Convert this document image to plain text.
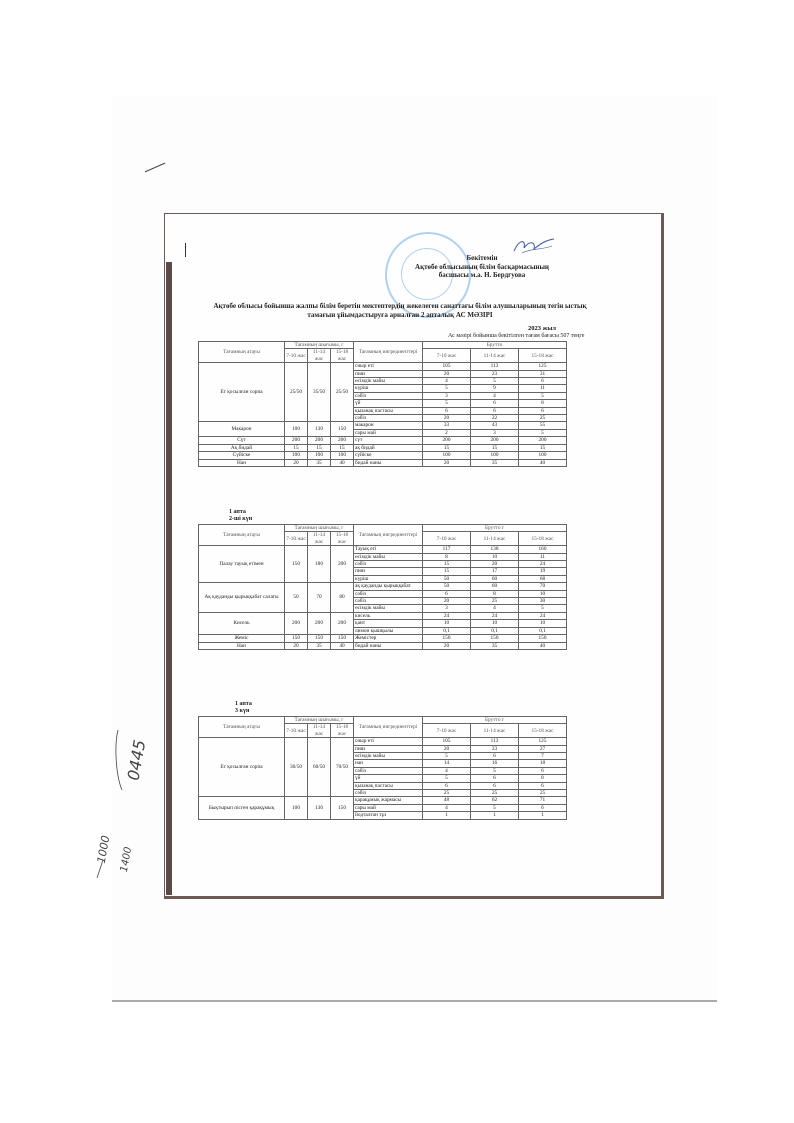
Бекітемін
Ақтөбе облысының білім басқармасының
басшысы м.а. Н. Бердгуова
Ақтөбе облысы бойынша жалпы білім беретін мектептердің жекелеген санаттағы білім алушыларының тегін ыстық тамағын ұйымдастыруға арналған 2 апталық АС МӘЗІРІ
2023 жыл
Ас мәзірі бойынша бекітілген тағам бағасы 507 теңге
Тағамның атауы	Тағамның шығымы, г			Тағамның ингредиенттері	Брутто		
	7-10 жас	11-14 жас	15-18 жас		7-10 жас	11-14 жас	15-18 жас
Ет қосылған сорпа	25/50	35/50	25/50	сиыр еті	105	113	125
				пияз	20	23	31
				өсімдік майы	4	5	6
				күріш	5	9	11
				сәбіз	3	4	5
				үй	5	6	8
				қызанақ пастасы	6	6	6
				сәбіз	20	22	25
Макарон	100	130	150	макарон	33	43	55
				сары май	2	3	5
Сүт	200	200	200	сүт	200	200	200
Ақ бидай	15	15	15	ақ бидай	15	15	15
Сүйіске	100	100	100	сүйіске	100	100	100
Нан	20	35	40	бидай наны	20	35	40
1 апта
2-ші күн
Тағамның атауы	Тағамның шығымы, г			Тағамның ингредиенттері	Брутто г		
	7-10 жас	11-14 жас	15-18 жас		7-10 жас	11-14 жас	15-18 жас
Палау тауық етімен	150	180	200	Тауық еті	117	138	160
				өсімдік майы	8	10	11
				сәбіз	15	20	24
				пияз	15	17	19
				күріш	50	60	68
Ақ қауданды қырыққабат салаты	50	70	80	ақ қауданды қырыққабат	50	60	70
				сәбіз	6	8	10
				сәбіз	20	25	30
				өсімдік майы	3	4	5
Кисель	200	200	200	кисель	24	24	24
				қант	10	10	10
				лимон қышқылы	0,1	0,1	0,1
Жеміс	150	150	150	Жемістер	150	150	150
Нан	20	35	40	бидай наны	20	35	40
1 апта
3 күн
Тағамның атауы	Тағамның шығымы, г			Тағамның ингредиенттері	Брутто г		
	7-10 жас	11-14 жас	15-18 жас		7-10 жас	11-14 жас	15-18 жас
Ет қосылған сорпа	30/50	60/50	70/50	сиыр еті	105	113	125
				пияз	20	23	27
				өсімдік майы	5	6	7
				нан	14	16	18
				сәбіз	4	5	6
				үй	5	6	8
				қызанақ пастасы	6	6	6
				сәбіз	25	25	25
Бықтырып пісген қарақұмық	100	130	150	қарақұмық жармасы	48	62	71
				сары май	4	5	6
				йодталған тұз	1	1	1
0445
1000 1400
